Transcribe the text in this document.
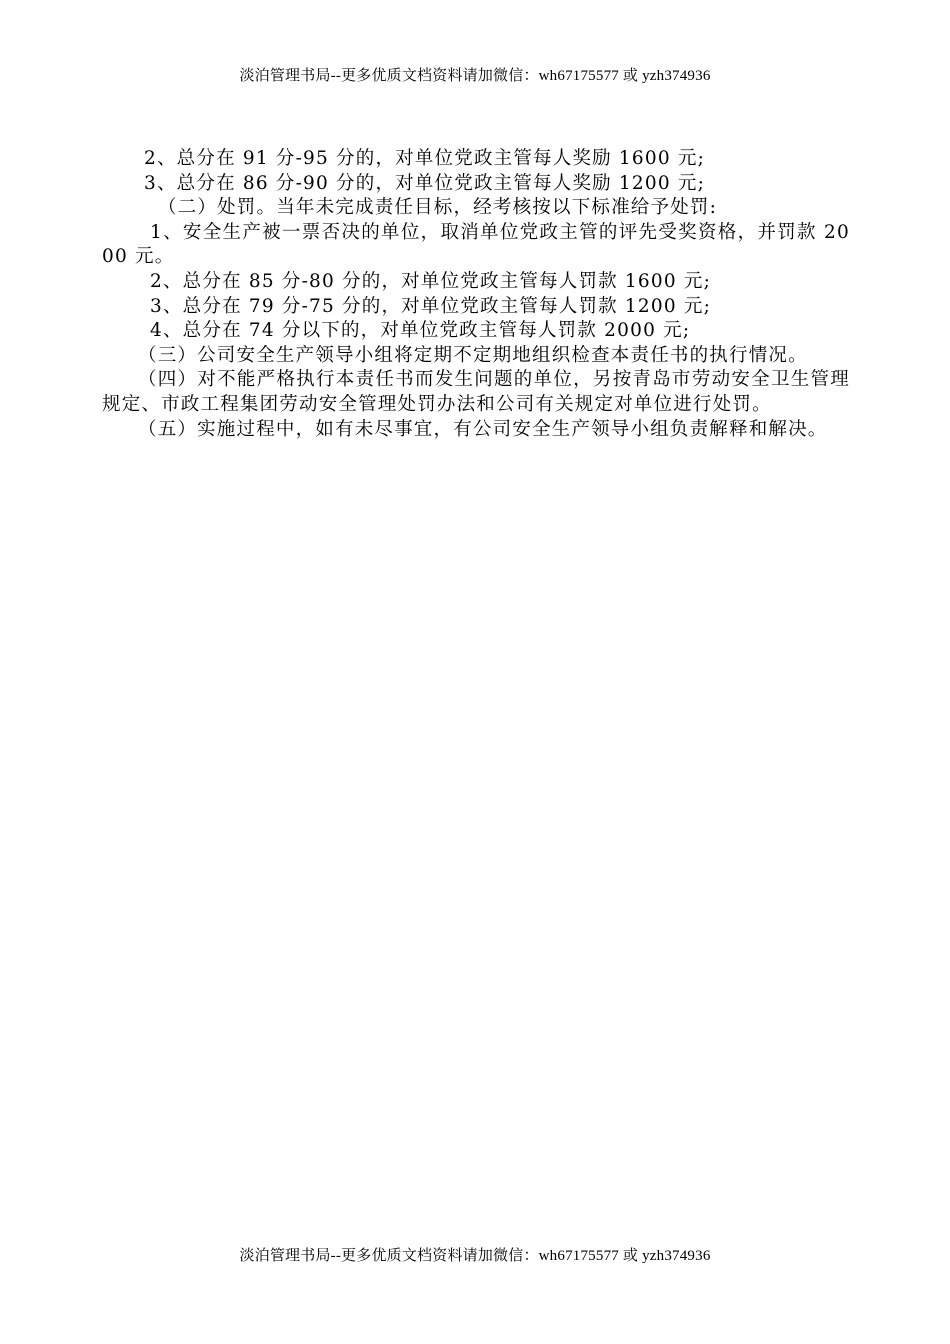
淡泊管理书局--更多优质文档资料请加微信：wh67175577 或 yzh374936

2、总分在 91 分-95 分的，对单位党政主管每人奖励 1600 元;

3、总分在 86 分-90 分的，对单位党政主管每人奖励 1200 元;

（二）处罚。当年未完成责任目标，经考核按以下标准给予处罚:

1、安全生产被一票否决的单位，取消单位党政主管的评先受奖资格，并罚款 2000 元。

2、总分在 85 分-80 分的，对单位党政主管每人罚款 1600 元;

3、总分在 79 分-75 分的，对单位党政主管每人罚款 1200 元;

4、总分在 74 分以下的，对单位党政主管每人罚款 2000 元;

（三）公司安全生产领导小组将定期不定期地组织检查本责任书的执行情况。

（四）对不能严格执行本责任书而发生问题的单位，另按青岛市劳动安全卫生管理规定、市政工程集团劳动安全管理处罚办法和公司有关规定对单位进行处罚。

（五）实施过程中，如有未尽事宜，有公司安全生产领导小组负责解释和解决。

淡泊管理书局--更多优质文档资料请加微信：wh67175577 或 yzh374936
